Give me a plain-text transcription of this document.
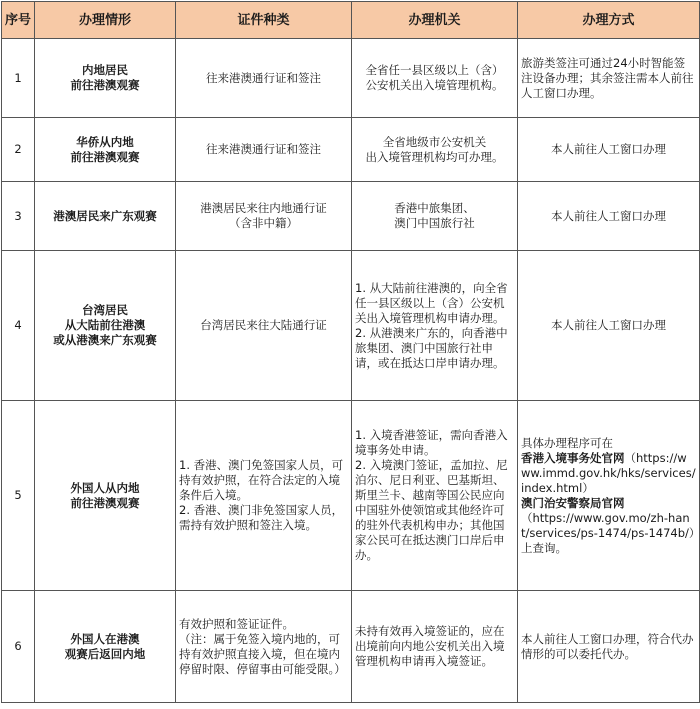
序号	办理情形	证件种类	办理机关	办理方式
1	内地居民
前往港澳观赛	往来港澳通行证和签注	全省任一县区级以上（含）
公安机关出入境管理机构。	旅游类签注可通过24小时智能签注设备办理；其余签注需本人前往人工窗口办理。

2	华侨从内地
前往港澳观赛	往来港澳通行证和签注	全省地级市公安机关
出入境管理机构均可办理。	本人前往人工窗口办理

3	港澳居民来广东观赛	港澳居民来往内地通行证
（含非中籍）	香港中旅集团、
澳门中国旅行社	本人前往人工窗口办理

4	台湾居民
从大陆前往港澳
或从港澳来广东观赛	台湾居民来往大陆通行证	1. 从大陆前往港澳的，向全省任一县区级以上（含）公安机关出入境管理机构申请办理。
2. 从港澳来广东的，向香港中旅集团、澳门中国旅行社申请，或在抵达口岸申请办理。	本人前往人工窗口办理

5	外国人从内地
前往港澳观赛	1. 香港、澳门免签国家人员，可持有效护照，在符合法定的入境条件后入境。
2. 香港、澳门非免签国家人员，需持有效护照和签注入境。	1. 入境香港签证，需向香港入境事务处申请。
2. 入境澳门签证，孟加拉、尼泊尔、尼日利亚、巴基斯坦、斯里兰卡、越南等国公民应向中国驻外使领馆或其他经许可的驻外代表机构申办；其他国家公民可在抵达澳门口岸后申办。	具体办理程序可在
香港入境事务处官网（https://www.immd.gov.hk/hks/services/index.html）
澳门治安警察局官网
（https://www.gov.mo/zh-hant/services/ps-1474/ps-1474b/）上查询。
6	外国人在港澳
观赛后返回内地	有效护照和签证证件。
（注：属于免签入境内地的，可持有效护照直接入境，但在境内停留时限、停留事由可能受限。）	未持有效再入境签证的，应在出境前向内地公安机关出入境管理机构申请再入境签证。	本人前往人工窗口办理，符合代办情形的可以委托代办。
